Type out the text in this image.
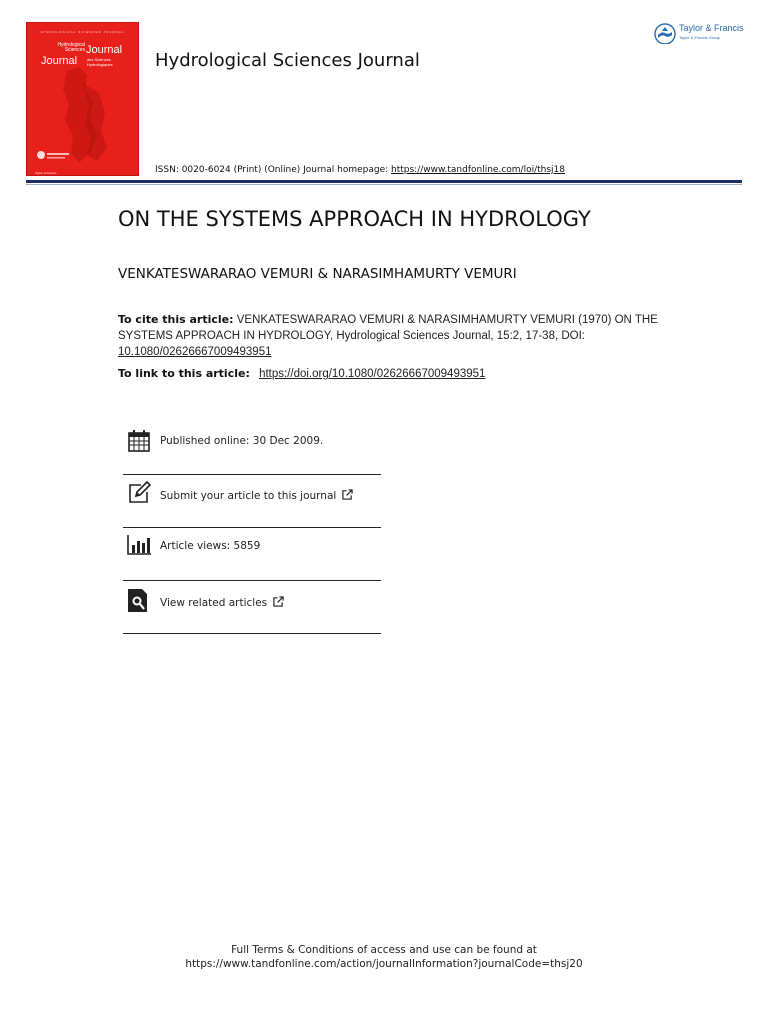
HYDROLOGICAL SCIENCES JOURNAL
Hydrological Sciences Journal
Journal des Sciences Hydrologiques
Taylor & Francis
Hydrological Sciences Journal
ISSN: 0020-6024 (Print) (Online) Journal homepage: https://www.tandfonline.com/loi/thsj18
Taylor & Francis
Taylor & Francis Group
ON THE SYSTEMS APPROACH IN HYDROLOGY
VENKATESWARARAO VEMURI & NARASIMHAMURTY VEMURI
To cite this article: VENKATESWARARAO VEMURI & NARASIMHAMURTY VEMURI (1970) ON THE SYSTEMS APPROACH IN HYDROLOGY, Hydrological Sciences Journal, 15:2, 17-38, DOI: 10.1080/02626667009493951
To link to this article: https://doi.org/10.1080/02626667009493951
Published online: 30 Dec 2009.
Submit your article to this journal
Article views: 5859
View related articles
Full Terms & Conditions of access and use can be found at
https://www.tandfonline.com/action/journalInformation?journalCode=thsj20
